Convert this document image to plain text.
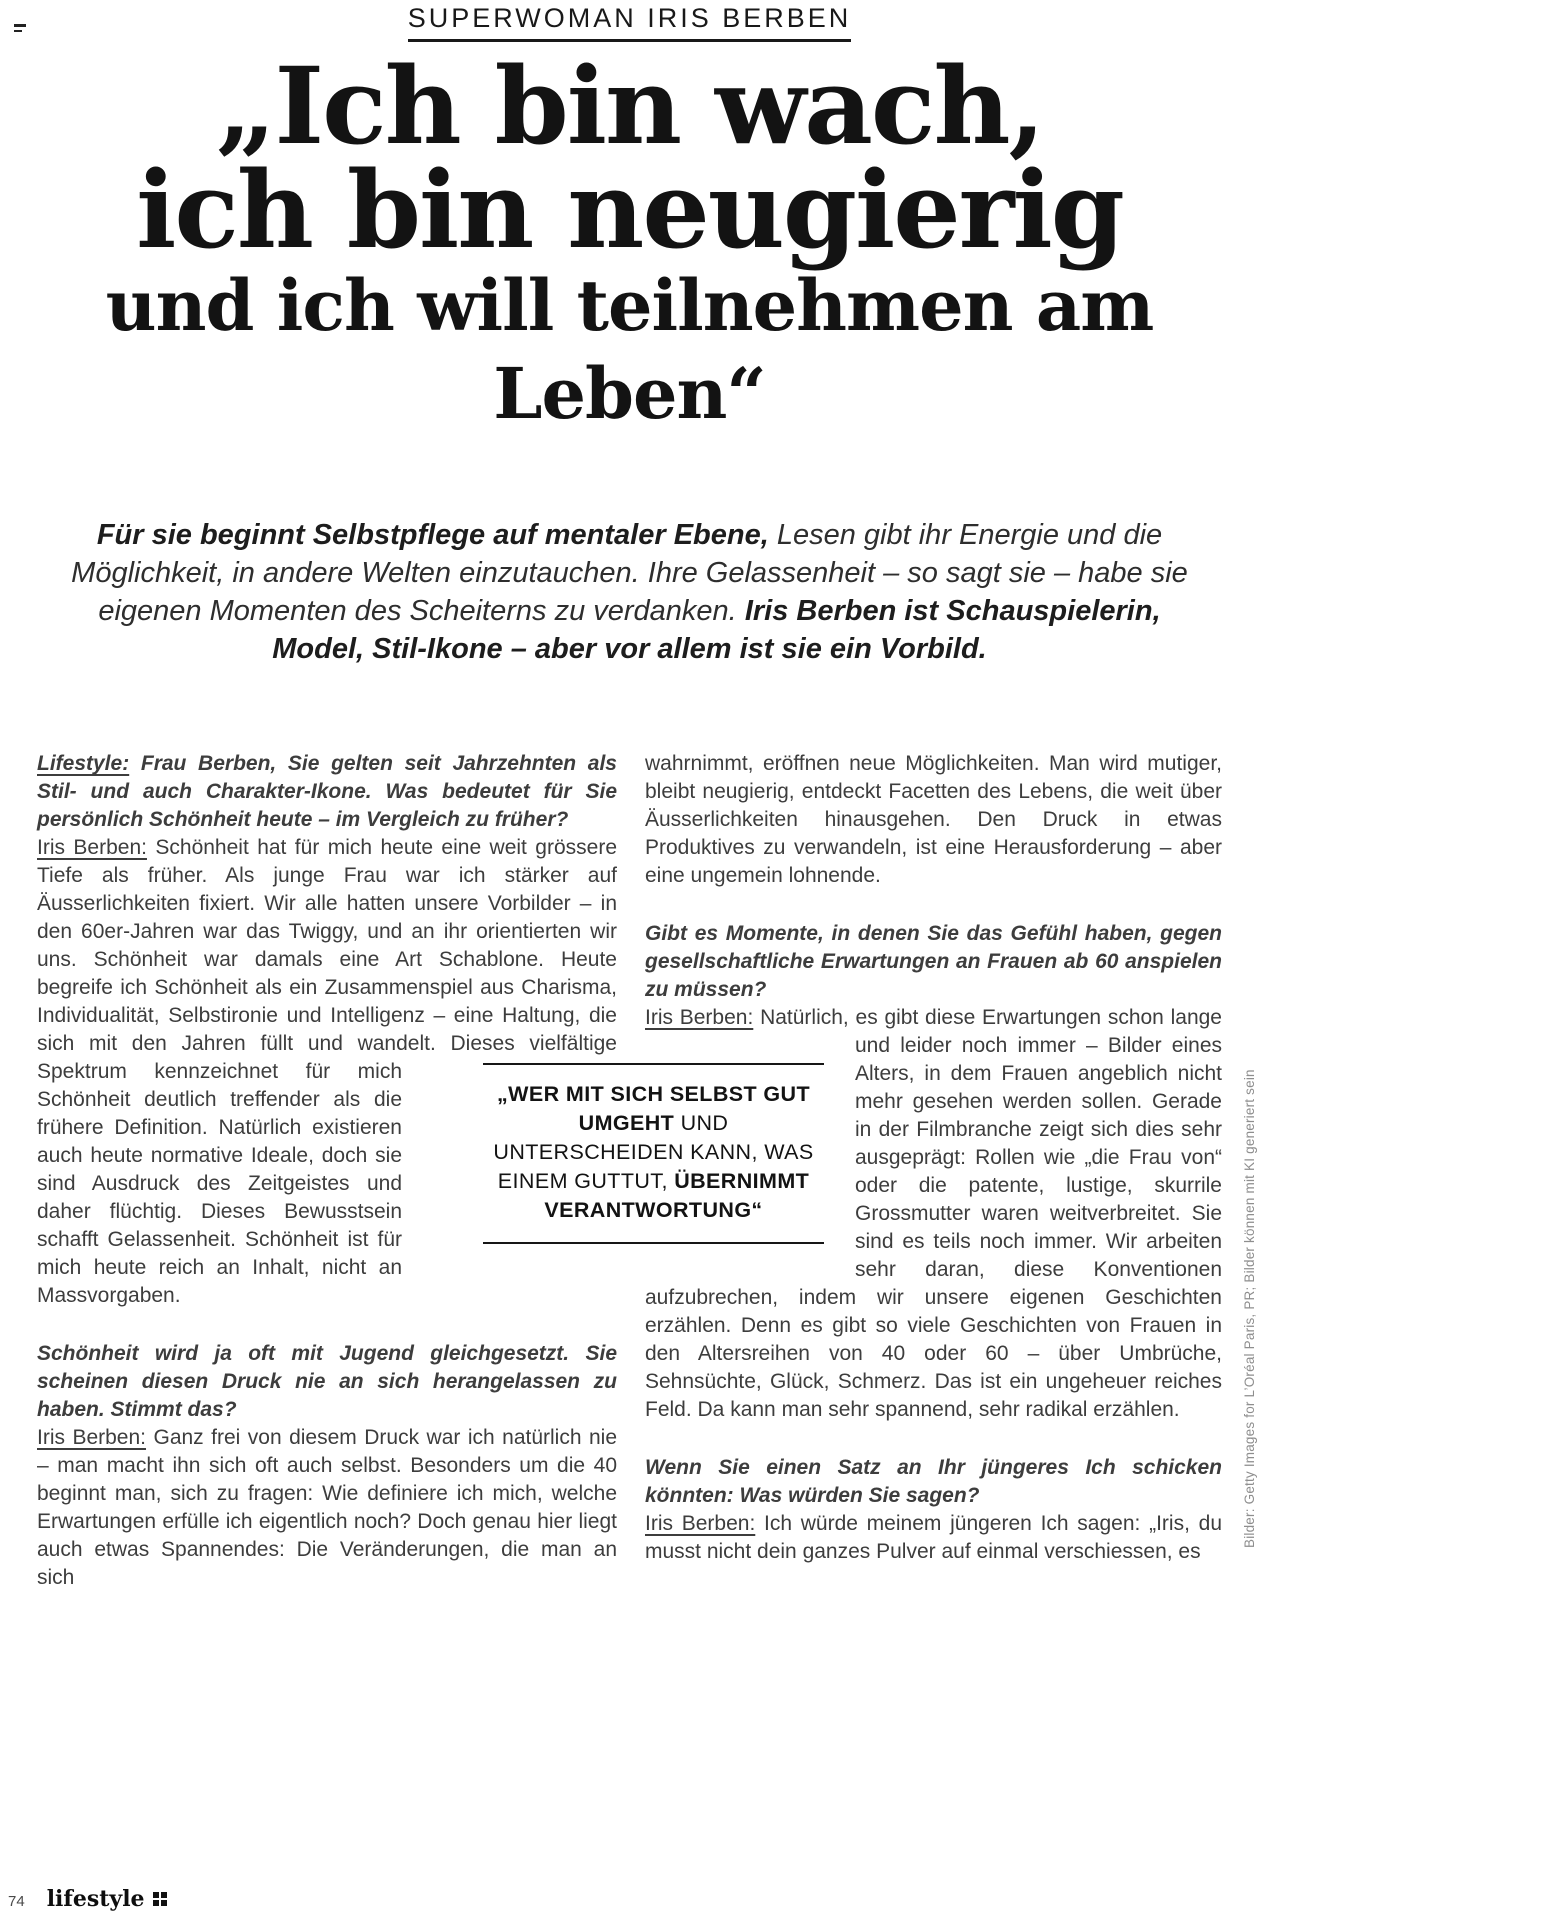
SUPERWOMAN IRIS BERBEN
„Ich bin wach,
ich bin neugierig
und ich will teilnehmen am Leben“

Für sie beginnt Selbstpflege auf mentaler Ebene, Lesen gibt ihr Energie und die Möglichkeit, in andere Welten einzutauchen. Ihre Gelassenheit – so sagt sie – habe sie eigenen Momenten des Scheiterns zu verdanken. Iris Berben ist Schauspielerin, Model, Stil-Ikone – aber vor allem ist sie ein Vorbild.

Lifestyle: Frau Berben, Sie gelten seit Jahrzehnten als Stil- und auch Charakter-Ikone. Was bedeutet für Sie persönlich Schönheit heute – im Vergleich zu früher?

Iris Berben: Schönheit hat für mich heute eine weit grössere Tiefe als früher. Als junge Frau war ich stärker auf Äusserlichkeiten fixiert. Wir alle hatten unsere Vorbilder – in den 60er-Jahren war das Twiggy, und an ihr orientierten wir uns. Schönheit war damals eine Art Schablone. Heute begreife ich Schönheit als ein Zusammenspiel aus Charisma, Individualität, Selbstironie und Intelligenz – eine Haltung, die sich mit den Jahren füllt und wandelt. Dieses vielfältige Spektrum kennzeichnet für mich Schönheit deutlich treffender als die frühere Definition. Natürlich existieren auch heute normative Ideale, doch sie sind Ausdruck des Zeitgeistes und daher flüchtig. Dieses Bewusstsein schafft Gelassenheit. Schönheit ist für mich heute reich an Inhalt, nicht an Massvorgaben.

Schönheit wird ja oft mit Jugend gleichgesetzt. Sie scheinen diesen Druck nie an sich herangelassen zu haben. Stimmt das?

Iris Berben: Ganz frei von diesem Druck war ich natürlich nie – man macht ihn sich oft auch selbst. Besonders um die 40 beginnt man, sich zu fragen: Wie definiere ich mich, welche Erwartungen erfülle ich eigentlich noch? Doch genau hier liegt auch etwas Spannendes: Die Veränderungen, die man an sich

wahrnimmt, eröffnen neue Möglichkeiten. Man wird mutiger, bleibt neugierig, entdeckt Facetten des Lebens, die weit über Äusserlichkeiten hinausgehen. Den Druck in etwas Produktives zu verwandeln, ist eine Herausforderung – aber eine ungemein lohnende.

Gibt es Momente, in denen Sie das Gefühl haben, gegen gesellschaftliche Erwartungen an Frauen ab 60 anspielen zu müssen?

Iris Berben: Natürlich, es gibt diese Erwartungen schon lange
und leider noch immer – Bilder eines Alters, in dem Frauen angeblich nicht mehr gesehen werden sollen. Gerade in der Filmbranche zeigt sich dies sehr ausgeprägt: Rollen wie „die Frau von“ oder die patente, lustige, skurrile Grossmutter waren weitverbreitet. Sie sind es teils noch immer. Wir arbeiten sehr daran, diese Konventionen aufzubrechen, indem wir unsere eigenen Geschichten erzählen. Denn es gibt so viele Geschichten von Frauen in den Altersreihen von 40 oder 60 – über Umbrüche, Sehnsüchte, Glück, Schmerz. Das ist ein ungeheuer reiches Feld. Da kann man sehr spannend, sehr radikal erzählen.

Wenn Sie einen Satz an Ihr jüngeres Ich schicken könnten: Was würden Sie sagen?

Iris Berben: Ich würde meinem jüngeren Ich sagen: „Iris, du musst nicht dein ganzes Pulver auf einmal verschiessen, es

„WER MIT SICH SELBST GUT UMGEHT UND UNTERSCHEIDEN KANN, WAS EINEM GUTTUT, ÜBERNIMMT VERANTWORTUNG“	Bilder: Getty Images for L’Oréal Paris, PR; Bilder können mit KI generiert sein
74 lifestyle
